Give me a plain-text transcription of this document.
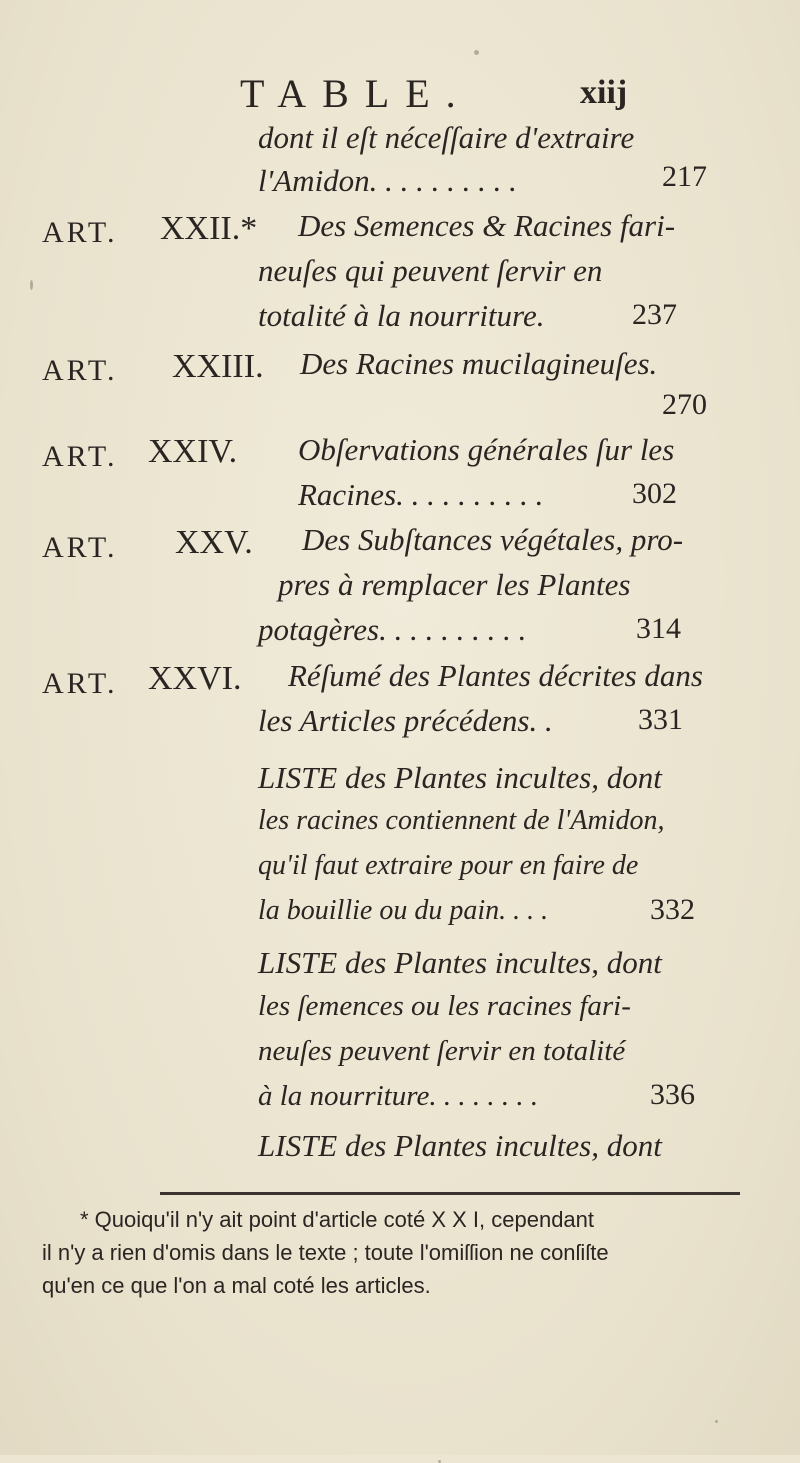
TABLE.	xiij
dont il eſt néceſſaire d'extraire
l'Amidon. . . . . . . . . .	217
ART. XXII.* Des Semences & Racines fari-
neuſes qui peuvent ſervir en
totalité à la nourriture.	237
ART. XXIII. Des Racines mucilagineuſes.
270
ART. XXIV. Obſervations générales ſur les
Racines. . . . . . . . . .	302
ART. XXV. Des Subſtances végétales, pro-
pres à remplacer les Plantes
potagères. . . . . . . . . .	314
ART. XXVI. Réſumé des Plantes décrites dans
les Articles précédens. .	331
LISTE des Plantes incultes, dont
les racines contiennent de l'Amidon,
qu'il faut extraire pour en faire de
la bouillie ou du pain. . . .	332
LISTE des Plantes incultes, dont
les ſemences ou les racines fari-
neuſes peuvent ſervir en totalité
à la nourriture. . . . . . . .	336
LISTE des Plantes incultes, dont
* Quoiqu'il n'y ait point d'article coté X X I, cependant
il n'y a rien d'omis dans le texte ; toute l'omiſſion ne conſiſte
qu'en ce que l'on a mal coté les articles.
